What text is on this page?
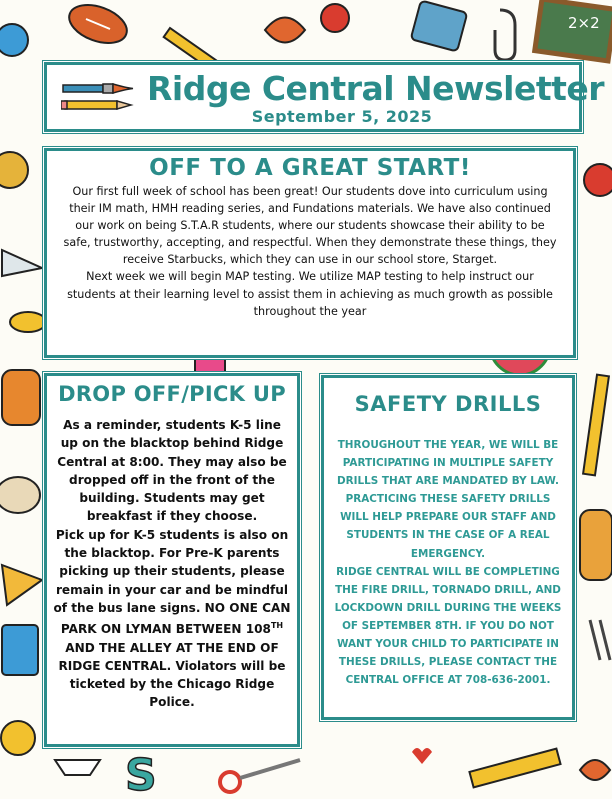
2×2
S
Ridge Central Newsletter
September 5, 2025
OFF TO A GREAT START!
Our first full week of school has been great! Our students dove into curriculum using their IM math, HMH reading series, and Fundations materials. We have also continued our work on being S.T.A.R students, where our students showcase their ability to be safe, trustworthy, accepting, and respectful. When they demonstrate these things, they receive Starbucks, which they can use in our school store, Starget.
Next week we will begin MAP testing. We utilize MAP testing to help instruct our students at their learning level to assist them in achieving as much growth as possible throughout the year
DROP OFF/PICK UP
As a reminder, students K-5 line up on the blacktop behind Ridge Central at 8:00. They may also be dropped off in the front of the building. Students may get breakfast if they choose.
Pick up for K-5 students is also on the blacktop. For Pre-K parents picking up their students, please remain in your car and be mindful of the bus lane signs. NO ONE CAN PARK ON LYMAN BETWEEN 108TH AND THE ALLEY AT THE END OF RIDGE CENTRAL. Violators will be ticketed by the Chicago Ridge Police.
SAFETY DRILLS
THROUGHOUT THE YEAR, WE WILL BE PARTICIPATING IN MULTIPLE SAFETY DRILLS THAT ARE MANDATED BY LAW. PRACTICING THESE SAFETY DRILLS WILL HELP PREPARE OUR STAFF AND STUDENTS IN THE CASE OF A REAL EMERGENCY.
RIDGE CENTRAL WILL BE COMPLETING THE FIRE DRILL, TORNADO DRILL, AND LOCKDOWN DRILL DURING THE WEEKS OF SEPTEMBER 8TH. IF YOU DO NOT WANT YOUR CHILD TO PARTICIPATE IN THESE DRILLS, PLEASE CONTACT THE CENTRAL OFFICE AT 708-636-2001.
